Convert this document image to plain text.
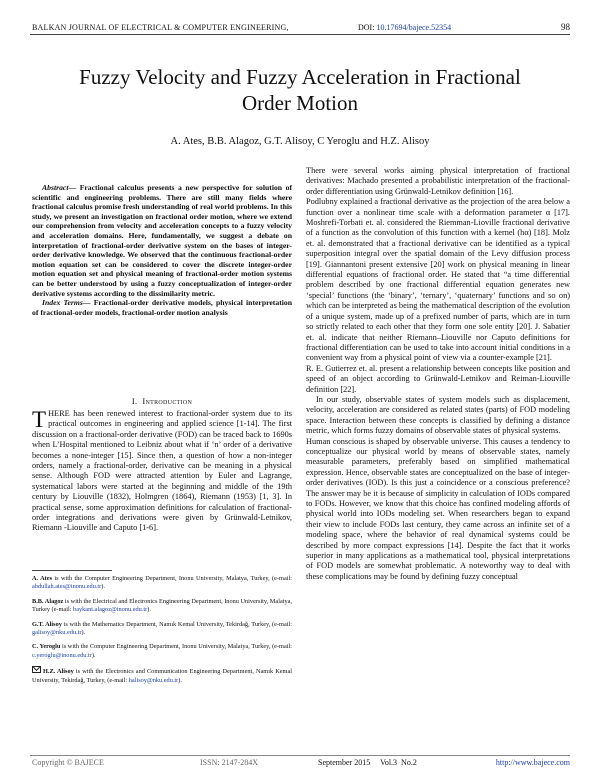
BALKAN JOURNAL OF ELECTRICAL & COMPUTER ENGINEERING,	DOI: 10.17694/bajece.52354	98
Fuzzy Velocity and Fuzzy Acceleration in Fractional Order Motion
A. Ates, B.B. Alagoz, G.T. Alisoy, C Yeroglu and H.Z. Alisoy
Abstract— Fractional calculus presents a new perspective for solution of scientific and engineering problems. There are still many fields where fractional calculus promise fresh understanding of real world problems. In this study, we present an investigation on fractional order motion, where we extend our comprehension from velocity and acceleration concepts to a fuzzy velocity and acceleration domains. Here, fundamentally, we suggest a debate on interpretation of fractional-order derivative system on the bases of integer-order derivative knowledge. We observed that the continuous fractional-order motion equation set can be considered to cover the discrete integer-order motion equation set and physical meaning of fractional-order motion systems can be better understood by using a fuzzy conceptualization of integer-order derivative systems according to the dissimilarity metric.
Index Terms— Fractional-order derivative models, physical interpretation of fractional-order models, fractional-order motion analysis
I. Introduction
THERE has been renewed interest to fractional-order system due to its practical outcomes in engineering and applied science [1-14]. The first discussion on a fractional-order derivative (FOD) can be traced back to 1690s when L’Hospital mentioned to Leibniz about what if ‘n’ order of a derivative becomes a none-integer [15]. Since then, a question of how a non-integer orders, namely a fractional-order, derivative can be meaning in a physical sense. Although FOD were attracted attention by Euler and Lagrange, systematical labors were started at the beginning and middle of the 19th century by Liouville (1832), Holmgren (1864), Riemann (1953) [1, 3]. In practical sense, some approximation definitions for calculation of fractional-order integrations and derivations were given by Grünwald-Letnikov, Riemann -Liouville and Caputo [1-6].

A. Ates is with the Computer Engineering Department, Inonu University, Malatya, Turkey, (e-mail: abdullah.ates@inonu.edu.tr).

B.B. Alagoz is with the Electrical and Electronics Engineering Department, Inonu University, Malatya, Turkey (e-mail: baykant.alagoz@inonu.edu.tr).

G.T. Alisoy is with the Mathematics Department, Namık Kemal University, Tekirdağ, Turkey, (e-mail: galisoy@nku.edu.tr).

C. Yeroglu is with the Computer Engineering Department, Inonu University, Malatya, Turkey, (e-mail: c.yeroglu@inonu.edu.tr).

H.Z. Alisoy is with the Electronics and Communication Engineering Department, Namık Kemal University, Tekirdağ, Turkey, (e-mail: halisoy@nku.edu.tr).

There were several works aiming physical interpretation of fractional derivatives: Machado presented a probabilistic interpretation of the fractional-order differentiation using Grünwald-Letnikov definition [16].

Podlubny explained a fractional derivative as the projection of the area below a function over a nonlinear time scale with a deformation parameter α [17]. Moshrefi-Torbati et. al. considered the Riemman-Lioville fractional derivative of a function as the convolution of this function with a kernel (hα) [18]. Molz et. al. demonstrated that a fractional derivative can be identified as a typical superposition integral over the spatial domain of the Levy diffusion process [19]. Giannantoni present extensive [20] work on physical meaning in linear differential equations of fractional order. He stated that “a time differential problem described by one fractional differential equation generates new ‘special’ functions (the ‘binary’, ‘ternary’, ‘quaternary’ functions and so on) which can be interpreted as being the mathematical description of the evolution of a unique system, made up of a prefixed number of parts, which are in turn so strictly related to each other that they form one sole entity [20]. J. Sabatier et. al. indicate that neither Riemann–Liouville nor Caputo definitions for fractional differentiation can be used to take into account initial conditions in a convenient way from a physical point of view via a counter-example [21].

R. E. Gutierrez et. al. present a relationship between concepts like position and speed of an object according to Grünwald-Letnikov and Reiman-Liouville definition [22].

In our study, observable states of system models such as displacement, velocity, acceleration are considered as related states (parts) of FOD modeling space. Interaction between these concepts is classified by defining a distance metric, which forms fuzzy domains of observable states of physical systems.

Human conscious is shaped by observable universe. This causes a tendency to conceptualize our physical world by means of observable states, namely measurable parameters, preferably based on simplified mathematical expression. Hence, observable states are conceptualized on the base of integer-order derivatives (IOD). Is this just a coincidence or a conscious preference? The answer may be it is because of simplicity in calculation of IODs compared to FODs. However, we know that this choice has confined modeling affords of physical world into IODs modeling set. When researchers began to expand their view to include FODs last century, they came across an infinite set of a modeling space, where the behavior of real dynamical systems could be described by more compact expressions [14]. Despite the fact that it works superior in many applications as a mathematical tool, physical interpretations of FOD models are somewhat problematic. A noteworthy way to deal with these complications may be found by defining fuzzy conceptual

Copyright © BAJECE	ISSN: 2147-284X	September 2015     Vol.3  No.2	http://www.bajece.com
